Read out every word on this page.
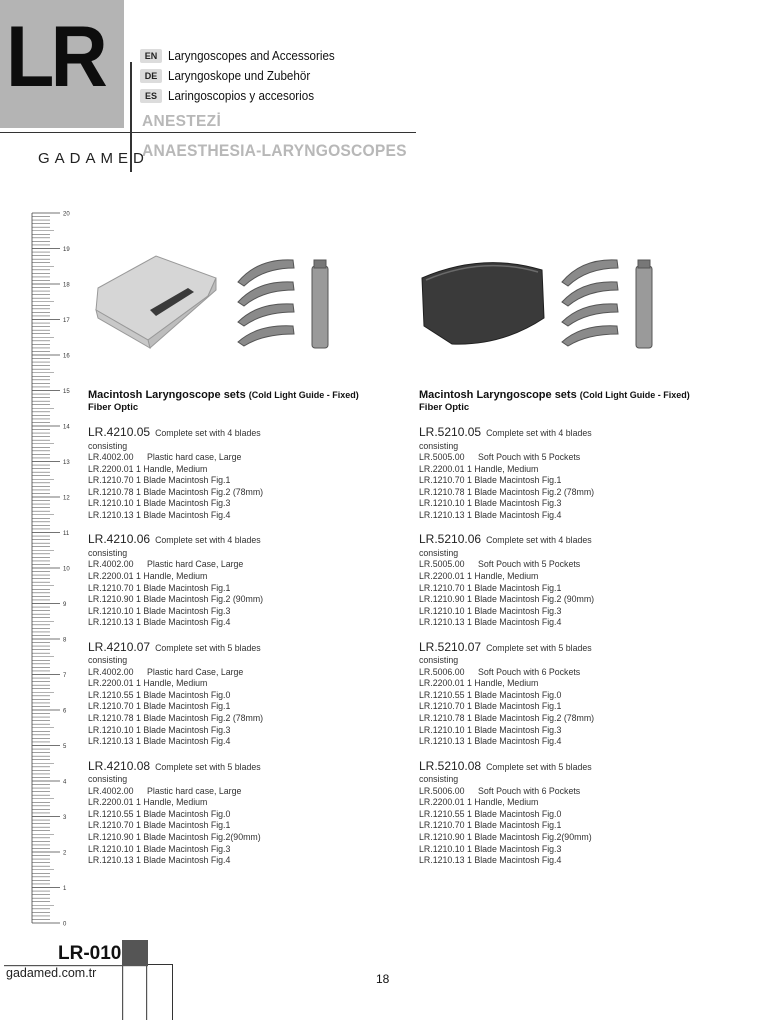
LR	EN Laryngoscopes and Accessories
DE Laryngoskope und Zubehör
ES Laringoscopios y accesorios
ANESTEZİ
ANAESTHESIA-LARYNGOSCOPES
GADAMED
20
19
18
17
16
15
14
13
12
11
10
9
8
7
6
5
4
3
2
1
0
Macintosh Laryngoscope sets (Cold Light Guide - Fixed)
Fiber Optic
LR.4210.05 Complete set with 4 blades
consisting
LR.4002.00	Plastic hard case, Large
LR.2200.01 1 Handle, Medium
LR.1210.70 1 Blade Macintosh Fig.1
LR.1210.78 1 Blade Macintosh Fig.2 (78mm)
LR.1210.10 1 Blade Macintosh Fig.3
LR.1210.13 1 Blade Macintosh Fig.4
LR.4210.06 Complete set with 4 blades
consisting
LR.4002.00	Plastic hard Case, Large
LR.2200.01 1 Handle, Medium
LR.1210.70 1 Blade Macintosh Fig.1
LR.1210.90 1 Blade Macintosh Fig.2 (90mm)
LR.1210.10 1 Blade Macintosh Fig.3
LR.1210.13 1 Blade Macintosh Fig.4
LR.4210.07 Complete set with 5 blades
consisting
LR.4002.00	Plastic hard Case, Large
LR.2200.01 1 Handle, Medium
LR.1210.55 1 Blade Macintosh Fig.0
LR.1210.70 1 Blade Macintosh Fig.1
LR.1210.78 1 Blade Macintosh Fig.2 (78mm)
LR.1210.10 1 Blade Macintosh Fig.3
LR.1210.13 1 Blade Macintosh Fig.4
LR.4210.08 Complete set with 5 blades
consisting
LR.4002.00	Plastic hard case, Large
LR.2200.01 1 Handle, Medium
LR.1210.55 1 Blade Macintosh Fig.0
LR.1210.70 1 Blade Macintosh Fig.1
LR.1210.90 1 Blade Macintosh Fig.2(90mm)
LR.1210.10 1 Blade Macintosh Fig.3
LR.1210.13 1 Blade Macintosh Fig.4
Macintosh Laryngoscope sets (Cold Light Guide - Fixed)
Fiber Optic
LR.5210.05 Complete set with 4 blades
consisting
LR.5005.00	Soft Pouch with 5 Pockets
LR.2200.01 1 Handle, Medium
LR.1210.70 1 Blade Macintosh Fig.1
LR.1210.78 1 Blade Macintosh Fig.2 (78mm)
LR.1210.10 1 Blade Macintosh Fig.3
LR.1210.13 1 Blade Macintosh Fig.4
LR.5210.06 Complete set with 4 blades
consisting
LR.5005.00	Soft Pouch with 5 Pockets
LR.2200.01 1 Handle, Medium
LR.1210.70 1 Blade Macintosh Fig.1
LR.1210.90 1 Blade Macintosh Fig.2 (90mm)
LR.1210.10 1 Blade Macintosh Fig.3
LR.1210.13 1 Blade Macintosh Fig.4
LR.5210.07 Complete set with 5 blades
consisting
LR.5006.00	Soft Pouch with 6 Pockets
LR.2200.01 1 Handle, Medium
LR.1210.55 1 Blade Macintosh Fig.0
LR.1210.70 1 Blade Macintosh Fig.1
LR.1210.78 1 Blade Macintosh Fig.2 (78mm)
LR.1210.10 1 Blade Macintosh Fig.3
LR.1210.13 1 Blade Macintosh Fig.4
LR.5210.08 Complete set with 5 blades
consisting
LR.5006.00	Soft Pouch with 6 Pockets
LR.2200.01 1 Handle, Medium
LR.1210.55 1 Blade Macintosh Fig.0
LR.1210.70 1 Blade Macintosh Fig.1
LR.1210.90 1 Blade Macintosh Fig.2(90mm)
LR.1210.10 1 Blade Macintosh Fig.3
LR.1210.13 1 Blade Macintosh Fig.4
LR-010
gadamed.com.tr	18
